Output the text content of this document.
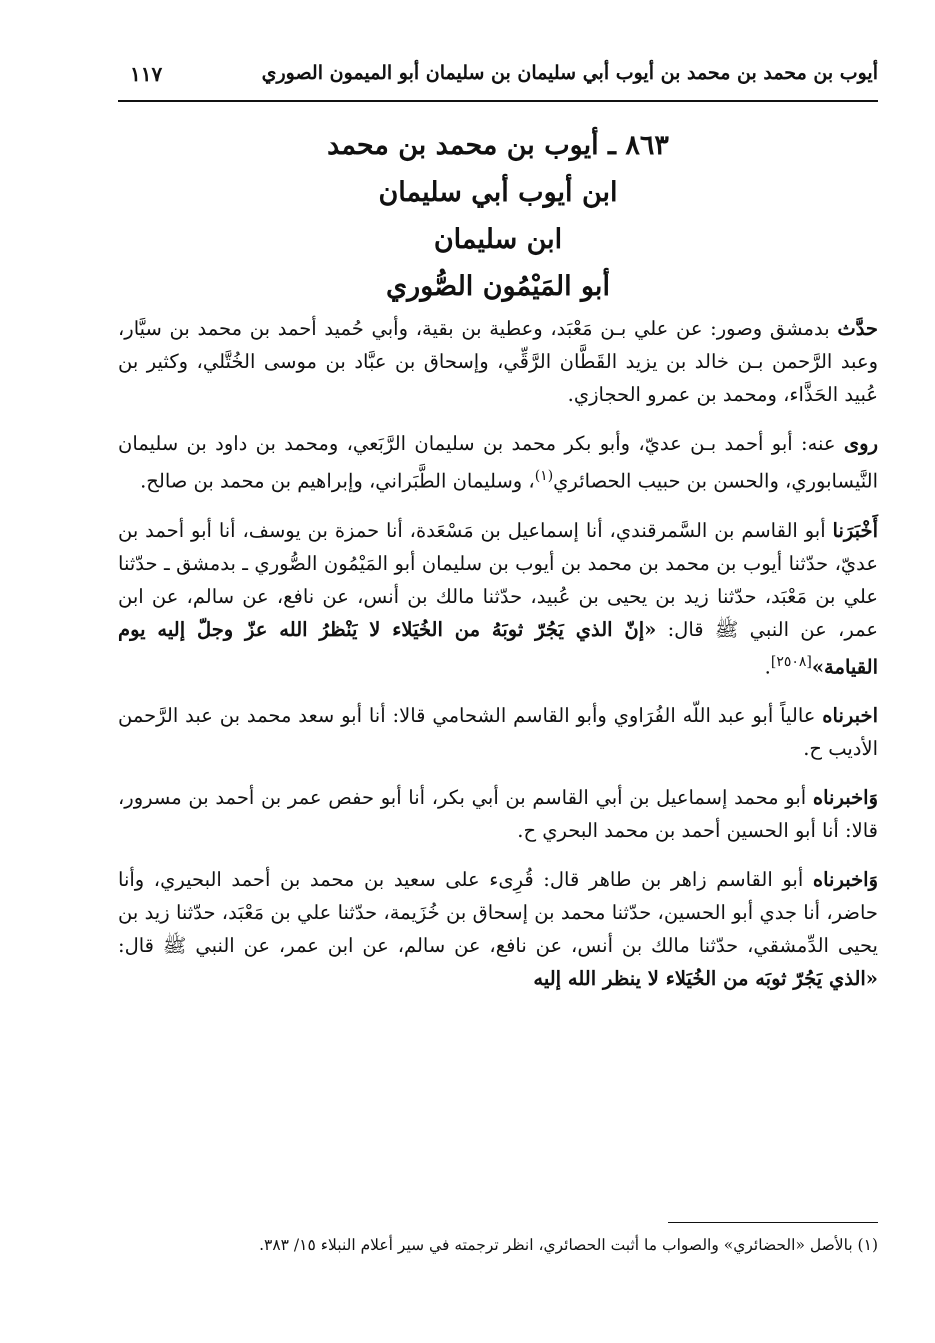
أيوب بن محمد بن محمد بن أيوب أبي سليمان بن سليمان أبو الميمون الصوري
١١٧
٨٦٣ ـ أيوب بن محمد بن محمد
ابن أيوب أبي سليمان
ابن سليمان
أبو المَيْمُون الصُّوري

حدَّث بدمشق وصور: عن علي بـن مَعْبَد، وعطية بن بقية، وأبي حُميد أحمد بن محمد بن سيَّار، وعبد الرَّحمن بـن خالد بن يزيد القَطَّان الرَّقِّي، وإسحاق بن عبَّاد بن موسى الخُتَّلي، وكثير بن عُبيد الحَذَّاء، ومحمد بن عمرو الحجازي.

روى عنه: أبو أحمد بـن عديّ، وأبو بكر محمد بن سليمان الرَّبَعي، ومحمد بن داود بن سليمان النَّيسابوري، والحسن بن حبيب الحصائري$^{(١)}$، وسليمان الطَّبَراني، وإبراهيم بن محمد بن صالح.

أَخْبَرَنا أبو القاسم بن السَّمرقندي، أنا إسماعيل بن مَسْعَدة، أنا حمزة بن يوسف، أنا أبو أحمد بن عديّ، حدّثنا أيوب بن محمد بن محمد بن أيوب بن سليمان أبو المَيْمُون الصُّوري ـ بدمشق ـ حدّثنا علي بن مَعْبَد، حدّثنا زيد بن يحيى بن عُبيد، حدّثنا مالك بن أنس، عن نافع، عن سالم، عن ابن عمر، عن النبي ﷺ قال: «إنّ الذي يَجُرّ ثوبَهُ من الخُيَلاء لا يَنْظرُ الله عزّ وجلّ إليه يوم القيامة»[٢٥٠٨].

اخبرناه عالياً أبو عبد اللّه الفُرَاوي وأبو القاسم الشحامي قالا: أنا أبو سعد محمد بن عبد الرَّحمن الأديب ح.

وَاخبرناه أبو محمد إسماعيل بن أبي القاسم بن أبي بكر، أنا أبو حفص عمر بن أحمد بن مسرور، قالا: أنا أبو الحسين أحمد بن محمد البحري ح.

وَاخبرناه أبو القاسم زاهر بن طاهر قال: قُرِىء على سعيد بن محمد بن أحمد البحيري، وأنا حاضر، أنا جدي أبو الحسين، حدّثنا محمد بن إسحاق بن خُزَيمة، حدّثنا علي بن مَعْبَد، حدّثنا زيد بن يحيى الدِّمشقي، حدّثنا مالك بن أنس، عن نافع، عن سالم، عن ابن عمر، عن النبي ﷺ قال: «الذي يَجُرّ ثوبَه من الخُيَلاء لا ينظر الله إليه

(١) بالأصل «الحضائري» والصواب ما أثبت الحصائري، انظر ترجمته في سير أعلام النبلاء ١٥/ ٣٨٣.
